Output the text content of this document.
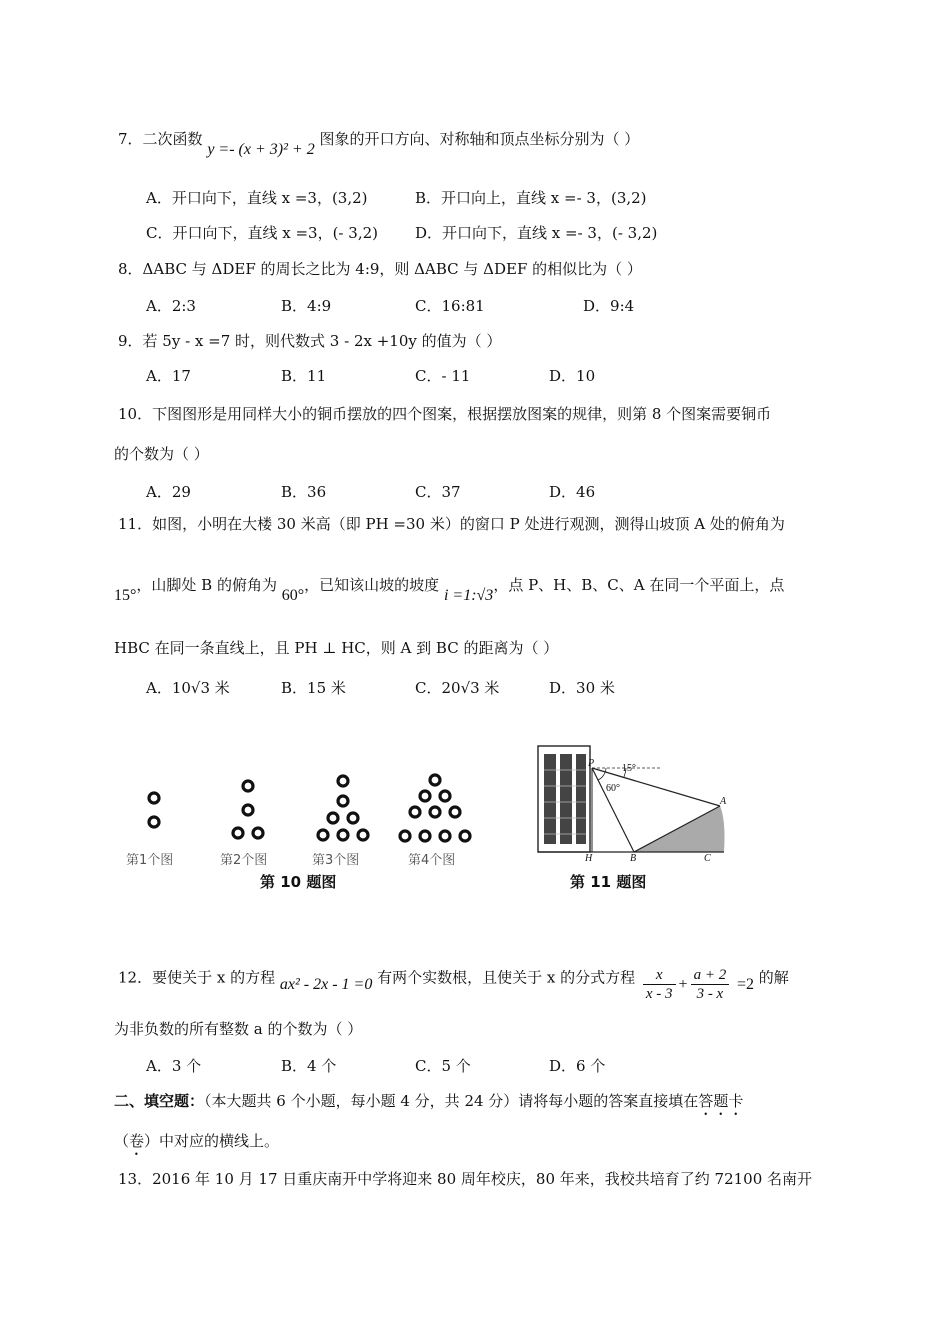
7．二次函数 y =- (x + 3)² + 2 图象的开口方向、对称轴和顶点坐标分别为（ ）
A．开口向下，直线 x =3，(3,2)	B．开口向上，直线 x =- 3，(3,2)
C．开口向下，直线 x =3，(- 3,2) D．开口向下，直线 x =- 3，(- 3,2)
8．ΔABC 与 ΔDEF 的周长之比为 4:9，则 ΔABC 与 ΔDEF 的相似比为（ ）
A．2:3	B．4:9	C．16:81	D．9:4
9．若 5y - x =7 时，则代数式 3 - 2x +10y 的值为（ ）
A．17	B．11	C．- 11	D．10
10．下图图形是用同样大小的铜币摆放的四个图案，根据摆放图案的规律，则第 8 个图案需要铜币
的个数为（ ）
A．29	B．36	C．37	D．46
11．如图，小明在大楼 30 米高（即 PH =30 米）的窗口 P 处进行观测，测得山坡顶 A 处的俯角为
15°，山脚处 B 的俯角为 60°，已知该山坡的坡度 i =1:√3，点 P、H、B、C、A 在同一个平面上，点
HBC 在同一条直线上，且 PH ⊥ HC，则 A 到 BC 的距离为（ ）
A．10√3 米	B．15 米	C．20√3 米	D．30 米
第1个图	第2个图	第3个图	第4个图
第 10 题图
P
H	B	C
A
15°
60°
第 11 题图
12．要使关于 x 的方程 ax² - 2x - 1 =0 有两个实数根，且使关于 x 的分式方程 $\frac{x}{x - 3} + \frac{a + 2}{3 - x} =2$ 的解
为非负数的所有整数 a 的个数为（ ）
A．3 个	B．4 个	C．5 个	D．6 个
二、填空题：（本大题共 6 个小题，每小题 4 分，共 24 分）请将每小题的答案直接填在答题卡
（卷）中对应的横线上。
13．2016 年 10 月 17 日重庆南开中学将迎来 80 周年校庆，80 年来，我校共培育了约 72100 名南开
